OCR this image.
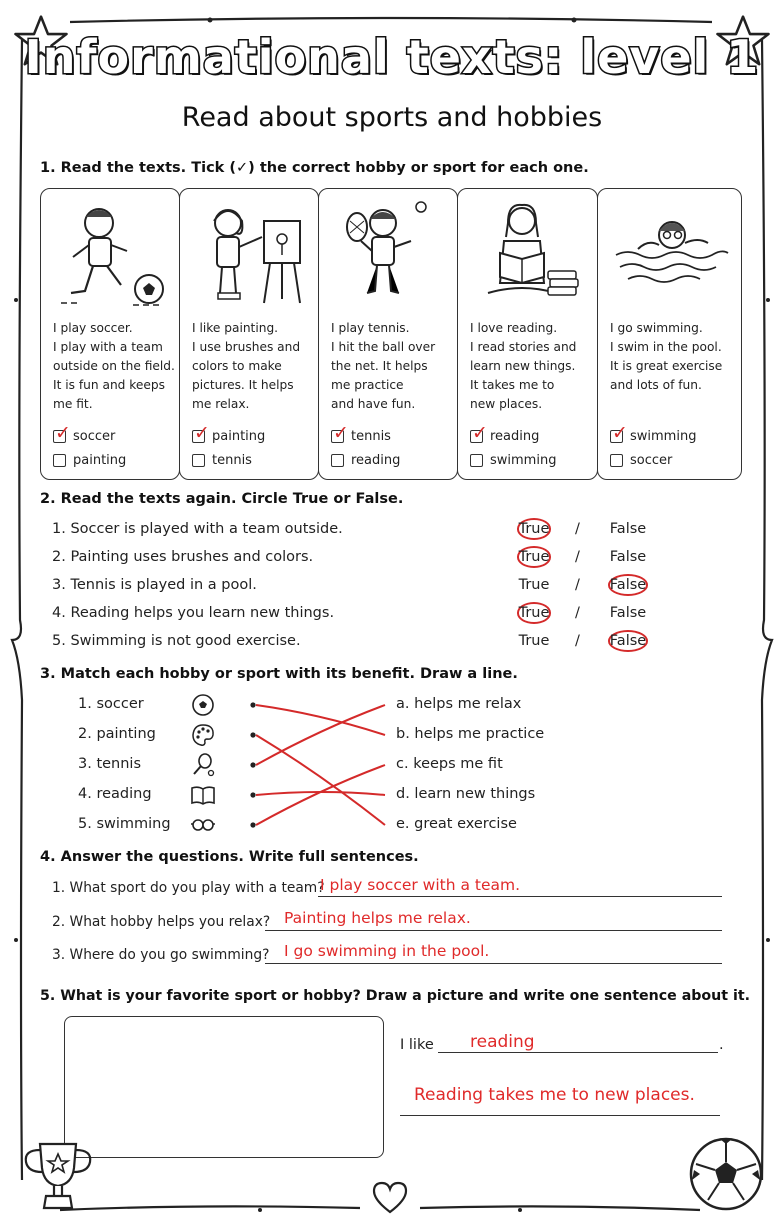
Informational texts: level 1
Read about sports and hobbies
1. Read the texts. Tick (✓) the correct hobby or sport for each one.
I play soccer.
I play with a team
outside on the field.
It is fun and keeps
me fit.
✓ soccer
painting
I like painting.
I use brushes and
colors to make
pictures. It helps
me relax.
✓ painting
tennis
I play tennis.
I hit the ball over
the net. It helps
me practice
and have fun.
✓ tennis
reading
I love reading.
I read stories and
learn new things.
It takes me to
new places.
✓ reading
swimming
I go swimming.
I swim in the pool.
It is great exercise
and lots of fun.
✓ swimming
soccer
2. Read the texts again. Circle True or False.
1. Soccer is played with a team outside.	True	/	False
2. Painting uses brushes and colors.	True	/	False
3. Tennis is played in a pool.	True	/	False
4. Reading helps you learn new things.	True	/	False
5. Swimming is not good exercise.	True	/	False
3. Match each hobby or sport with its benefit. Draw a line.
1. soccer
2. painting
3. tennis
4. reading
5. swimming
a. helps me relax
b. helps me practice
c. keeps me fit
d. learn new things
e. great exercise
4. Answer the questions. Write full sentences.
1. What sport do you play with a team?
I play soccer with a team.
2. What hobby helps you relax? Painting helps me relax.
3. Where do you go swimming? I go swimming in the pool.
5. What is your favorite sport or hobby? Draw a picture and write one sentence about it.
I like	.
reading
Reading takes me to new places.
